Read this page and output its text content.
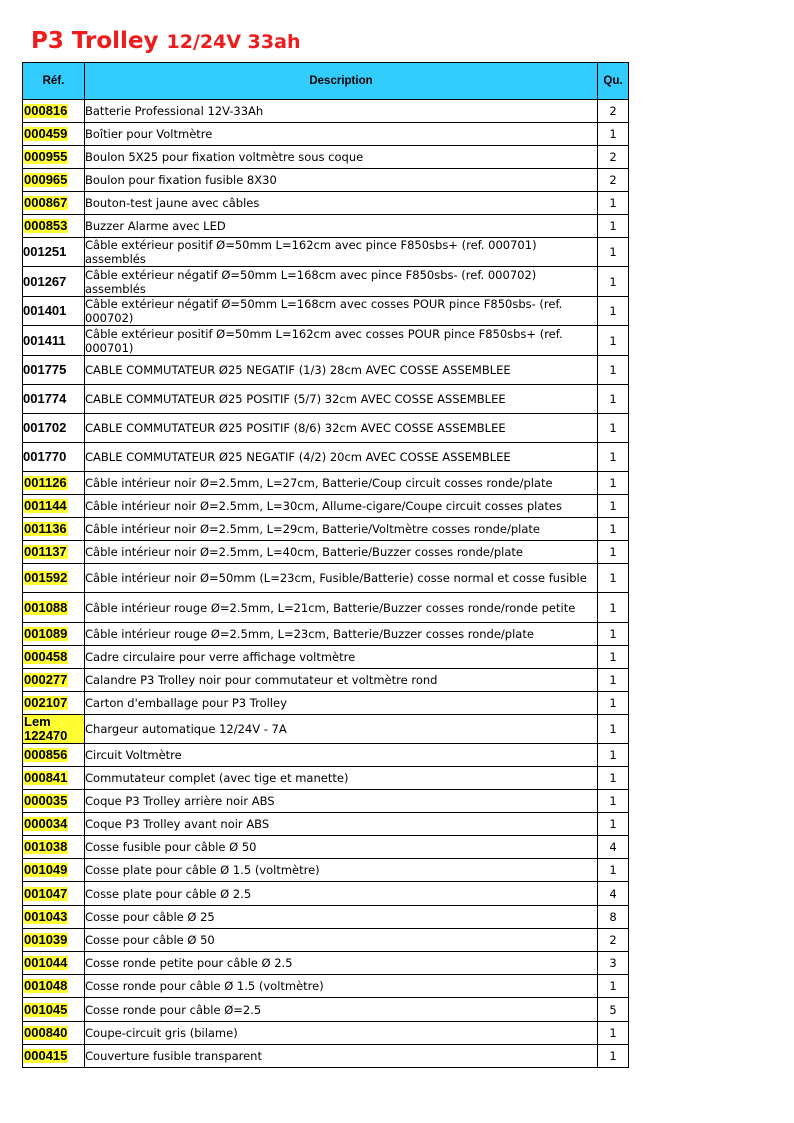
P3 Trolley 12/24V 33ah
Réf.	Description	Qu.
000816	Batterie Professional 12V-33Ah	2
000459	Boîtier pour Voltmètre	1
000955	Boulon 5X25 pour fixation voltmètre sous coque	2
000965	Boulon pour fixation fusible 8X30	2
000867	Bouton-test jaune avec câbles	1
000853	Buzzer Alarme avec LED	1
001251	Câble extérieur positif Ø=50mm L=162cm avec pince F850sbs+ (ref. 000701) assemblés	1
001267	Câble extérieur négatif Ø=50mm L=168cm avec pince F850sbs- (ref. 000702) assemblés	1
001401	Câble extérieur négatif Ø=50mm L=168cm avec cosses POUR pince F850sbs- (ref. 000702)	1
001411	Câble extérieur positif Ø=50mm L=162cm avec cosses POUR pince F850sbs+ (ref. 000701)	1
001775	CABLE COMMUTATEUR Ø25 NEGATIF (1/3) 28cm AVEC COSSE ASSEMBLEE	1
001774	CABLE COMMUTATEUR Ø25 POSITIF (5/7) 32cm AVEC COSSE ASSEMBLEE	1
001702	CABLE COMMUTATEUR Ø25 POSITIF (8/6) 32cm AVEC COSSE ASSEMBLEE	1
001770	CABLE COMMUTATEUR Ø25 NEGATIF (4/2) 20cm AVEC COSSE ASSEMBLEE	1
001126	Câble intérieur noir Ø=2.5mm, L=27cm, Batterie/Coup circuit cosses ronde/plate	1
001144	Câble intérieur noir Ø=2.5mm, L=30cm, Allume-cigare/Coupe circuit cosses plates	1
001136	Câble intérieur noir Ø=2.5mm, L=29cm, Batterie/Voltmètre cosses ronde/plate	1
001137	Câble intérieur noir Ø=2.5mm, L=40cm, Batterie/Buzzer cosses ronde/plate	1
001592	Câble intérieur noir Ø=50mm (L=23cm, Fusible/Batterie) cosse normal et cosse fusible	1
001088	Câble intérieur rouge Ø=2.5mm, L=21cm, Batterie/Buzzer cosses ronde/ronde petite	1
001089	Câble intérieur rouge Ø=2.5mm, L=23cm, Batterie/Buzzer cosses ronde/plate	1
000458	Cadre circulaire pour verre affichage voltmètre	1
000277	Calandre P3 Trolley noir pour commutateur et voltmètre rond	1
002107	Carton d'emballage pour P3 Trolley	1
Lem 122470	Chargeur automatique 12/24V - 7A	1
000856	Circuit Voltmètre	1
000841	Commutateur complet (avec tige et manette)	1
000035	Coque P3 Trolley arrière noir ABS	1
000034	Coque P3 Trolley avant noir ABS	1
001038	Cosse fusible pour câble Ø 50	4
001049	Cosse plate pour câble Ø 1.5 (voltmètre)	1
001047	Cosse plate pour câble Ø 2.5	4
001043	Cosse pour câble Ø 25	8
001039	Cosse pour câble Ø 50	2
001044	Cosse ronde petite pour câble Ø 2.5	3
001048	Cosse ronde pour câble Ø 1.5 (voltmètre)	1
001045	Cosse ronde pour câble Ø=2.5	5
000840	Coupe-circuit gris (bilame)	1
000415	Couverture fusible transparent	1
